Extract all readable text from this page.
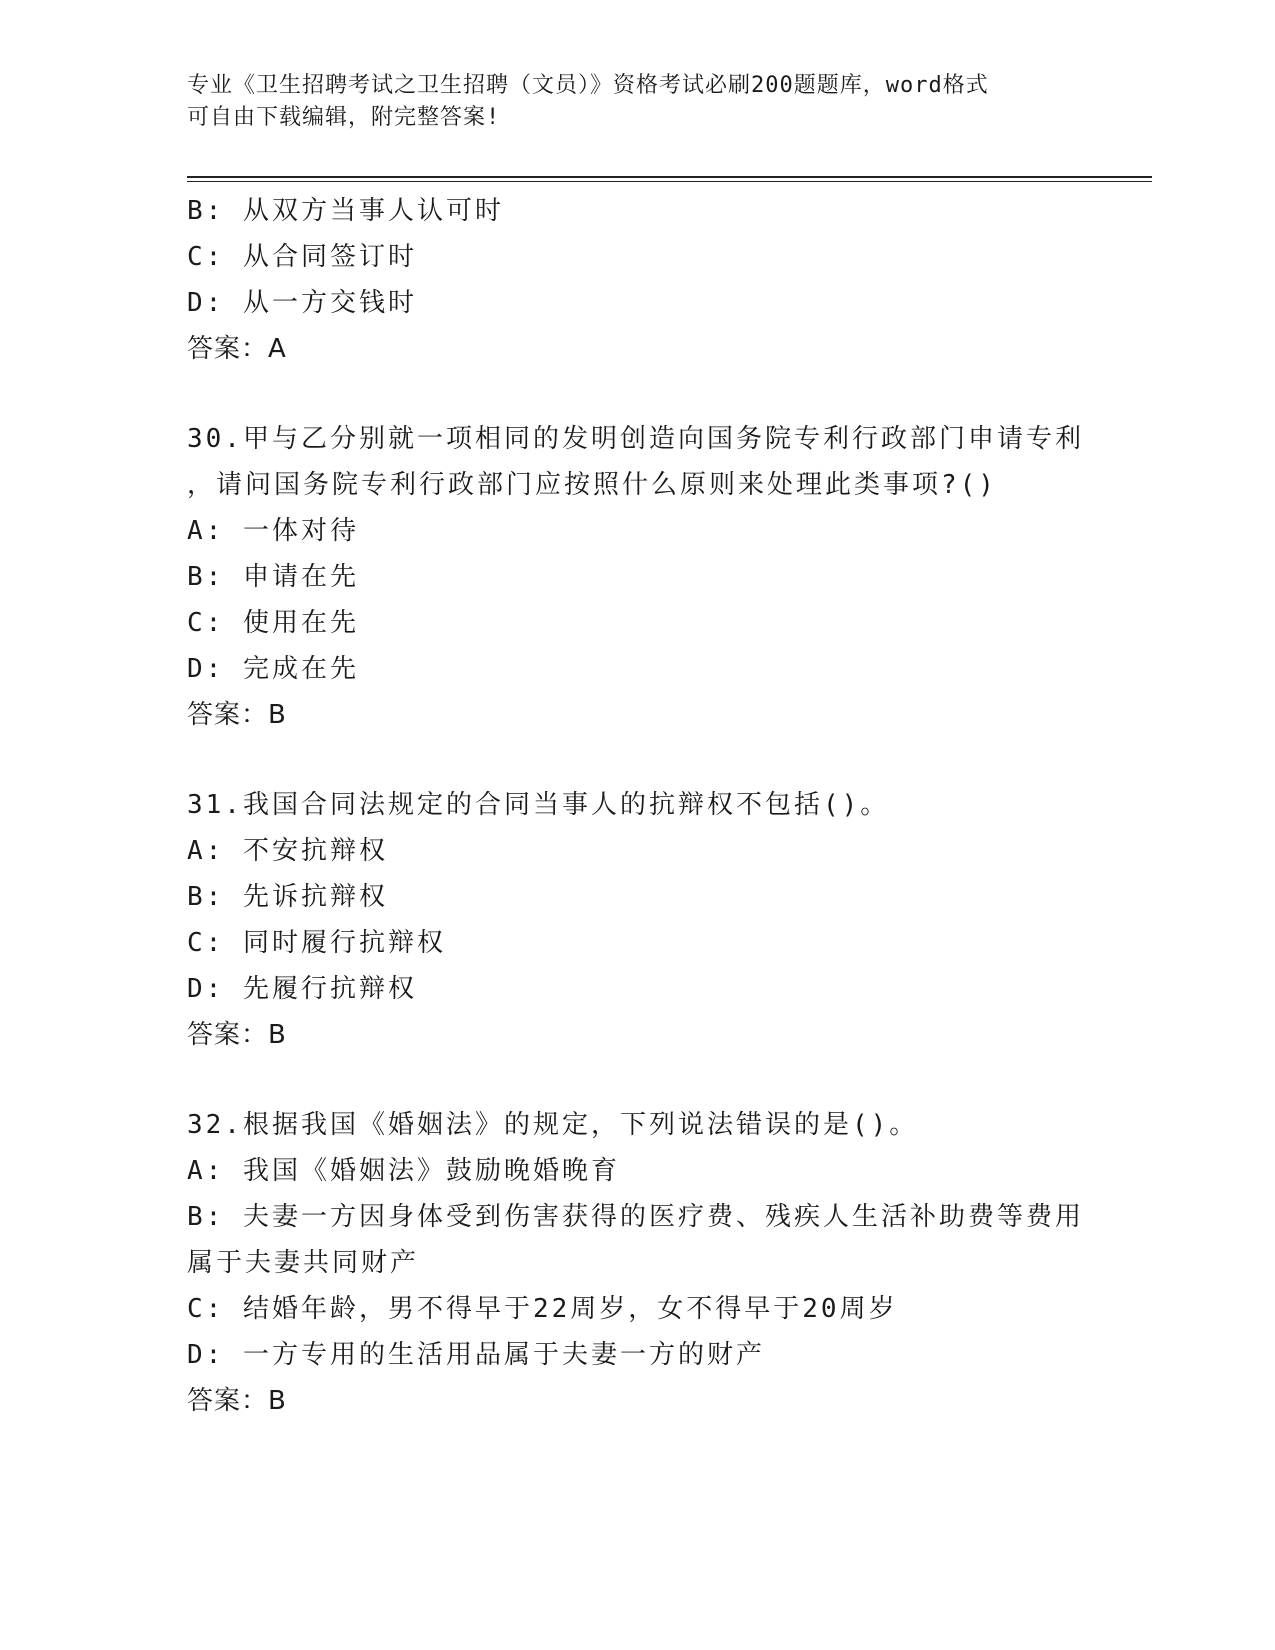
专业《卫生招聘考试之卫生招聘（文员）》资格考试必刷200题题库，word格式
可自由下载编辑，附完整答案!
B: 从双方当事人认可时
C: 从合同签订时
D: 从一方交钱时
答案：A
30.甲与乙分别就一项相同的发明创造向国务院专利行政部门申请专利
，请问国务院专利行政部门应按照什么原则来处理此类事项?()
A: 一体对待
B: 申请在先
C: 使用在先
D: 完成在先
答案：B
31.我国合同法规定的合同当事人的抗辩权不包括()。
A: 不安抗辩权
B: 先诉抗辩权
C: 同时履行抗辩权
D: 先履行抗辩权
答案：B
32.根据我国《婚姻法》的规定，下列说法错误的是()。
A: 我国《婚姻法》鼓励晚婚晚育
B: 夫妻一方因身体受到伤害获得的医疗费、残疾人生活补助费等费用
属于夫妻共同财产
C: 结婚年龄，男不得早于22周岁，女不得早于20周岁
D: 一方专用的生活用品属于夫妻一方的财产
答案：B
